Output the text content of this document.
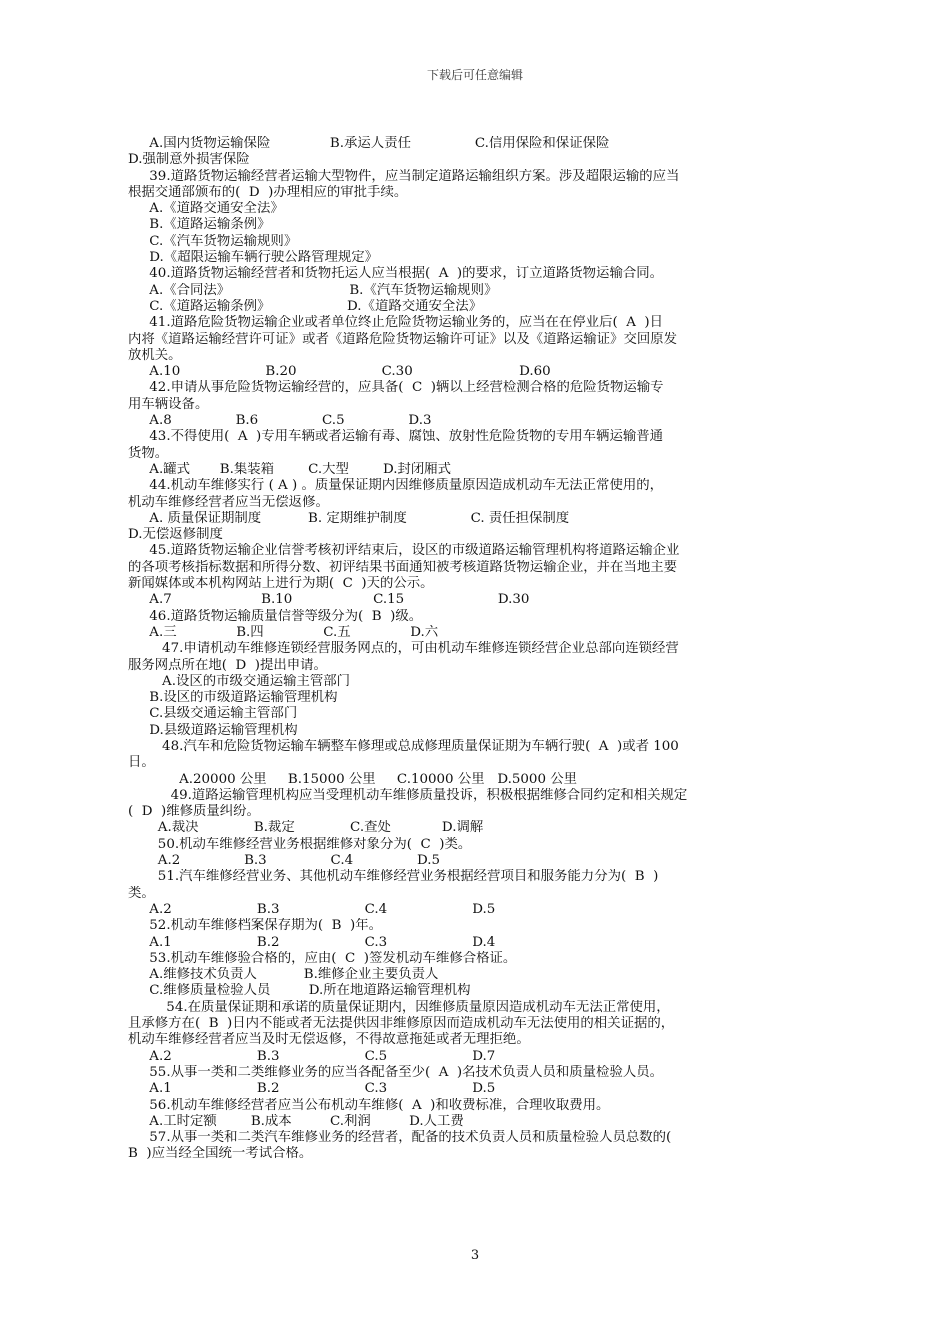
下载后可任意编辑
A.国内货物运输保险              B.承运人责任               C.信用保险和保证保险
D.强制意外损害保险
39.道路货物运输经营者运输大型物件，应当制定道路运输组织方案。涉及超限运输的应当
根据交通部颁布的(  D  )办理相应的审批手续。
A.《道路交通安全法》
B.《道路运输条例》
C.《汽车货物运输规则》
D.《超限运输车辆行驶公路管理规定》
40.道路货物运输经营者和货物托运人应当根据(  A  )的要求，订立道路货物运输合同。
A.《合同法》                            B.《汽车货物运输规则》
C.《道路运输条例》                  D.《道路交通安全法》
41.道路危险货物运输企业或者单位终止危险货物运输业务的，应当在在停业后(  A  )日
内将《道路运输经营许可证》或者《道路危险货物运输许可证》以及《道路运输证》交回原发
放机关。
A.10                    B.20                    C.30                         D.60
42.申请从事危险货物运输经营的，应具备(  C  )辆以上经营检测合格的危险货物运输专
用车辆设备。
A.8               B.6               C.5               D.3
43.不得使用(  A  )专用车辆或者运输有毒、腐蚀、放射性危险货物的专用车辆运输普通
货物。
A.罐式       B.集装箱        C.大型        D.封闭厢式
44.机动车维修实行 ( A ) 。质量保证期内因维修质量原因造成机动车无法正常使用的，
机动车维修经营者应当无偿返修。
A. 质量保证期制度           B. 定期维护制度               C. 责任担保制度
D.无偿返修制度
45.道路货物运输企业信誉考核初评结束后，设区的市级道路运输管理机构将道路运输企业
的各项考核指标数据和所得分数、初评结果书面通知被考核道路货物运输企业，并在当地主要
新闻媒体或本机构网站上进行为期(  C  )天的公示。
A.7                     B.10                   C.15                      D.30
46.道路货物运输质量信誉等级分为(  B  )级。
A.三              B.四              C.五              D.六
47.申请机动车维修连锁经营服务网点的，可由机动车维修连锁经营企业总部向连锁经营
服务网点所在地(  D  )提出申请。
A.设区的市级交通运输主管部门
B.设区的市级道路运输管理机构
C.县级交通运输主管部门
D.县级道路运输管理机构
48.汽车和危险货物运输车辆整车修理或总成修理质量保证期为车辆行驶(  A  )或者 100
日。
A.20000 公里     B.15000 公里     C.10000 公里   D.5000 公里
49.道路运输管理机构应当受理机动车维修质量投诉，积极根据维修合同约定和相关规定
(  D  )维修质量纠纷。
A.裁决             B.裁定             C.查处            D.调解
50.机动车维修经营业务根据维修对象分为(  C  )类。
A.2               B.3               C.4               D.5
51.汽车维修经营业务、其他机动车维修经营业务根据经营项目和服务能力分为(  B  )
类。
A.2                    B.3                    C.4                    D.5
52.机动车维修档案保存期为(  B  )年。
A.1                    B.2                    C.3                    D.4
53.机动车维修验合格的，应由(  C  )签发机动车维修合格证。
A.维修技术负责人           B.维修企业主要负责人
C.维修质量检验人员         D.所在地道路运输管理机构
54.在质量保证期和承诺的质量保证期内，因维修质量原因造成机动车无法正常使用，
且承修方在(  B  )日内不能或者无法提供因非维修原因而造成机动车无法使用的相关证据的，
机动车维修经营者应当及时无偿返修，不得故意拖延或者无理拒绝。
A.2                    B.3                    C.5                    D.7
55.从事一类和二类维修业务的应当各配备至少(  A  )名技术负责人员和质量检验人员。
A.1                    B.2                    C.3                    D.5
56.机动车维修经营者应当公布机动车维修(  A  )和收费标准，合理收取费用。
A.工时定额        B.成本         C.利润         D.人工费
57.从事一类和二类汽车维修业务的经营者，配备的技术负责人员和质量检验人员总数的(
B  )应当经全国统一考试合格。
3
